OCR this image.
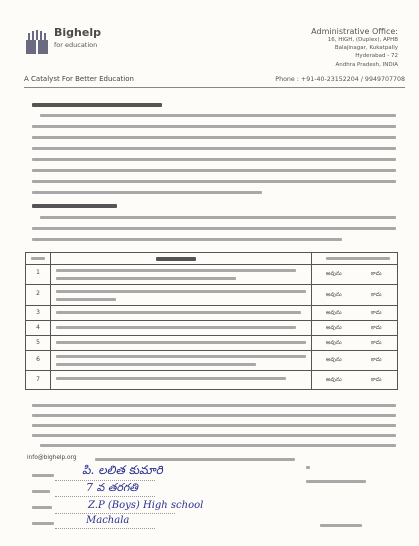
Bighelp
for education
A Catalyst For Better Education
Administrative Office:
16, HIGH, (Duplex), APHB
Balajinagar, Kukatpally
Hyderabad - 72
Andhra Pradesh, INDIA
Phone : +91-40-23152204 / 9949707708
1	అవును	కాదు
2	అవును	కాదు
3	అవును	కాదు
4	అవును	కాదు
5	అవును	కాదు
6	అవును	కాదు
7	అవును	కాదు
info@bighelp.org
పి. లలిత కుమారి
7 వ తరగతి
Z.P (Boys) High school
Machala
